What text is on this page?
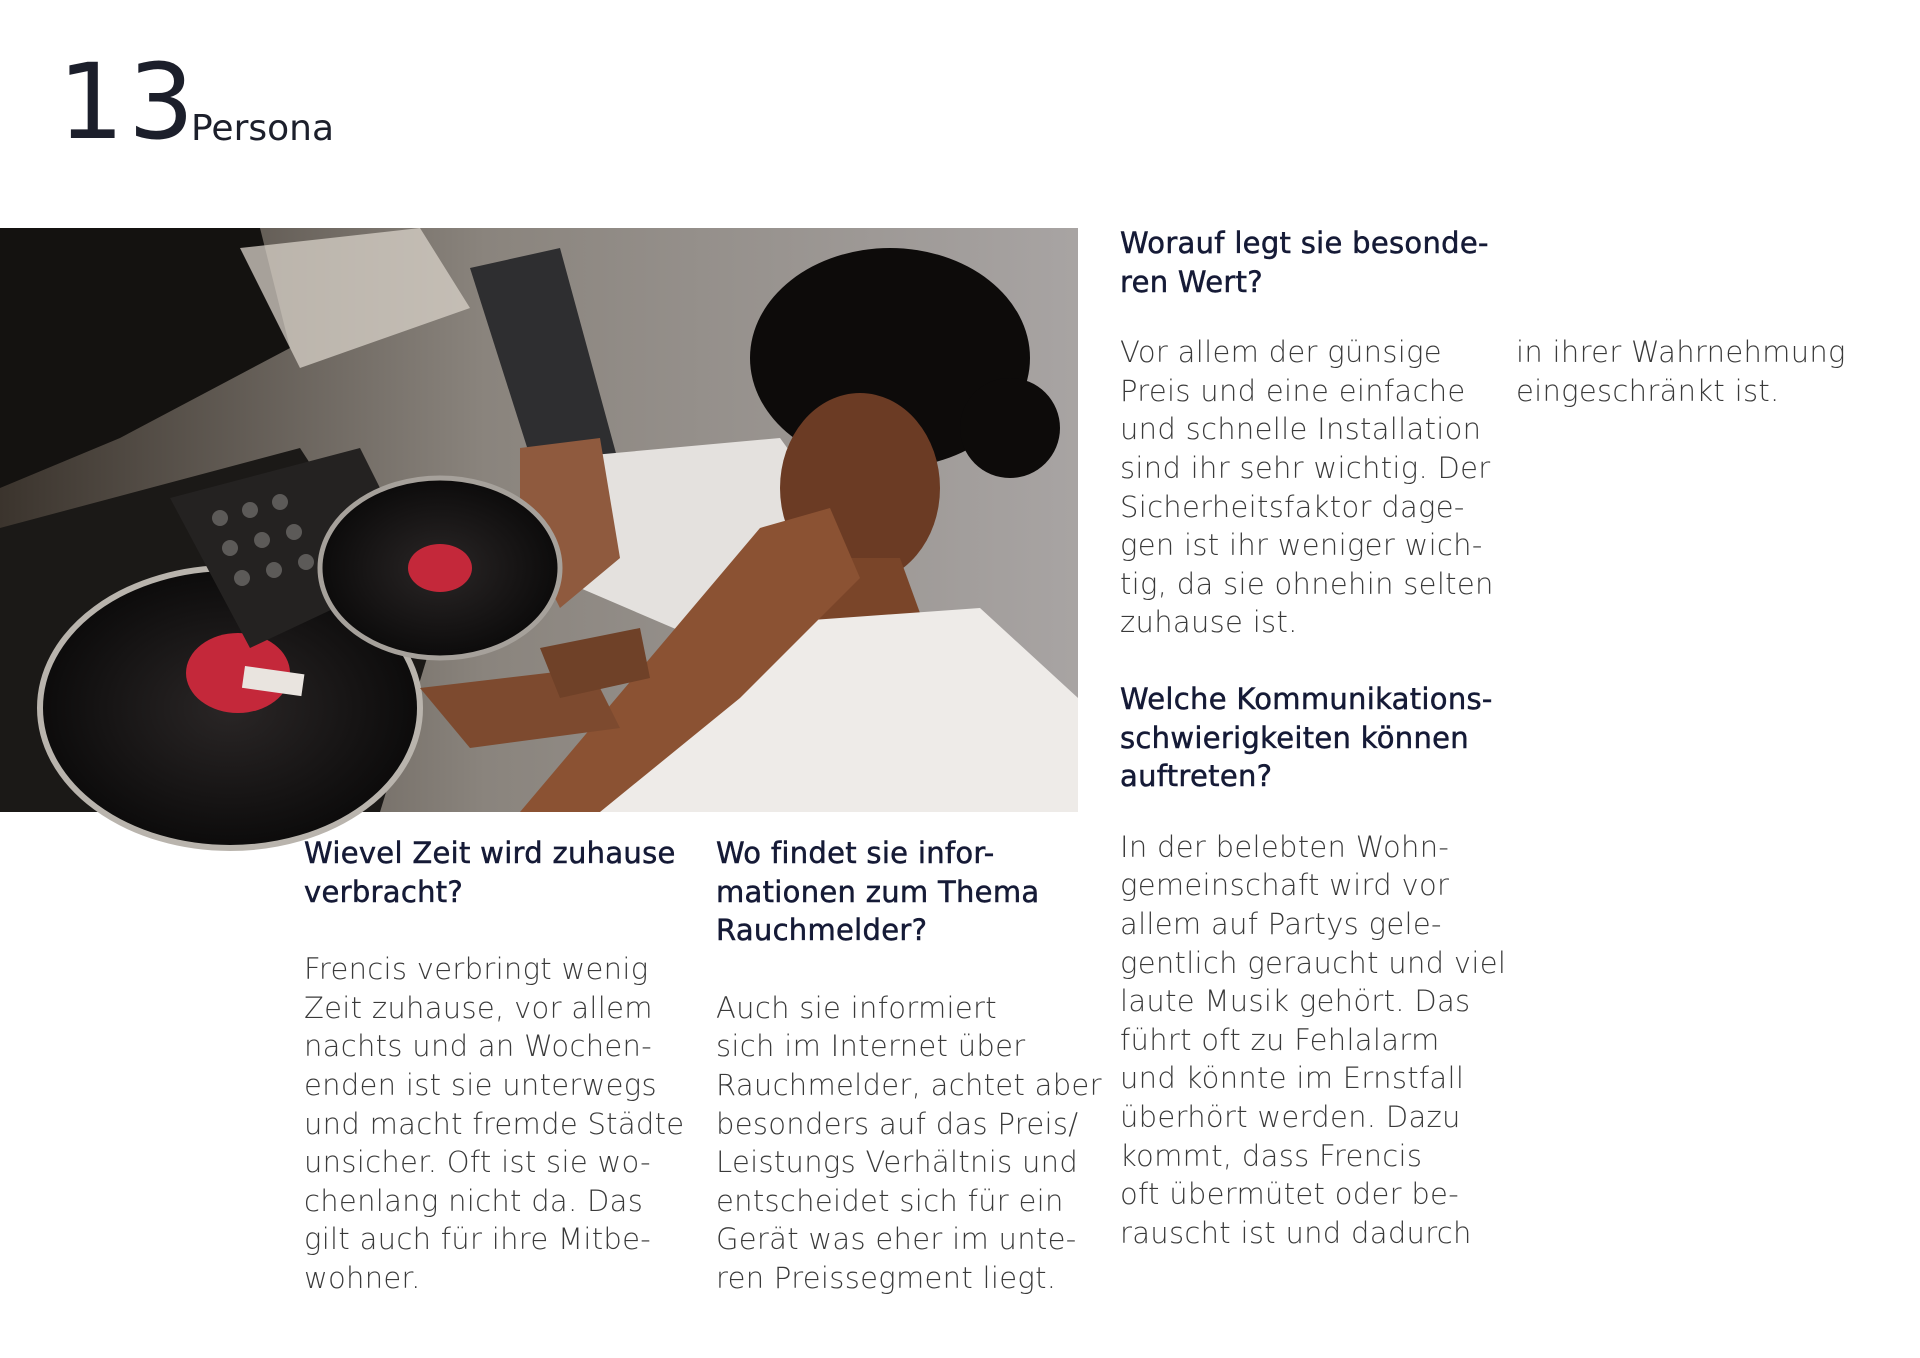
13
Persona
Frencis, 26
Worauf legt sie besonde-
ren Wert?

Vor allem der günsige
Preis und eine einfache
und schnelle Installation
sind ihr sehr wichtig. Der
Sicherheitsfaktor dage-
gen ist ihr weniger wich-
tig, da sie ohnehin selten
zuhause ist.

Welche Kommunikations-
schwierigkeiten können
auftreten?

In der belebten Wohn-
gemeinschaft wird vor
allem auf Partys gele-
gentlich geraucht und viel
laute Musik gehört. Das
führt oft zu Fehlalarm
und könnte im Ernstfall
überhört werden. Dazu
kommt, dass Frencis
oft übermütet oder be-
rauscht ist und dadurch

in ihrer Wahrnehmung
eingeschränkt ist.

Wievel Zeit wird zuhause
verbracht?

Frencis verbringt wenig
Zeit zuhause, vor allem
nachts und an Wochen-
enden ist sie unterwegs
und macht fremde Städte
unsicher. Oft ist sie wo-
chenlang nicht da. Das
gilt auch für ihre Mitbe-
wohner.

Wo findet sie infor-
mationen zum Thema
Rauchmelder?

Auch sie informiert
sich im Internet über
Rauchmelder, achtet aber
besonders auf das Preis/
Leistungs Verhältnis und
entscheidet sich für ein
Gerät was eher im unte-
ren Preissegment liegt.
